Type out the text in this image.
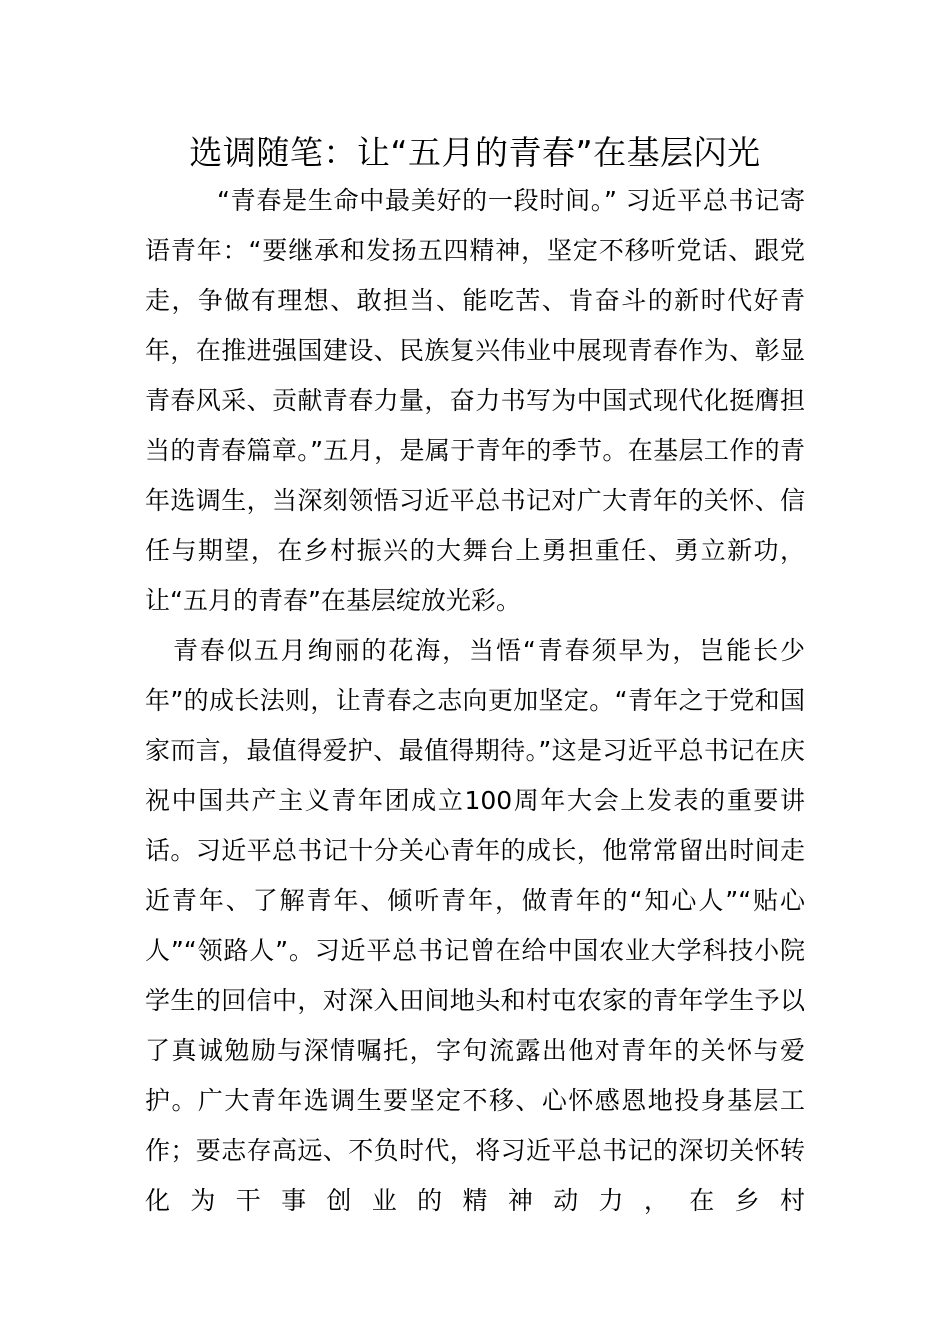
选调随笔：让“五月的青春”在基层闪光

“青春是生命中最美好的一段时间。” 习近平总书记寄语青年：“要继承和发扬五四精神，坚定不移听党话、跟党走，争做有理想、敢担当、能吃苦、肯奋斗的新时代好青年，在推进强国建设、民族复兴伟业中展现青春作为、彰显青春风采、贡献青春力量，奋力书写为中国式现代化挺膺担当的青春篇章。”五月，是属于青年的季节。在基层工作的青年选调生，当深刻领悟习近平总书记对广大青年的关怀、信任与期望，在乡村振兴的大舞台上勇担重任、勇立新功，让“五月的青春”在基层绽放光彩。

青春似五月绚丽的花海，当悟“青春须早为，岂能长少年”的成长法则，让青春之志向更加坚定。“青年之于党和国家而言，最值得爱护、最值得期待。”这是习近平总书记在庆祝中国共产主义青年团成立100周年大会上发表的重要讲话。习近平总书记十分关心青年的成长，他常常留出时间走近青年、了解青年、倾听青年，做青年的“知心人”“贴心人”“领路人”。习近平总书记曾在给中国农业大学科技小院学生的回信中，对深入田间地头和村屯农家的青年学生予以了真诚勉励与深情嘱托，字句流露出他对青年的关怀与爱护。广大青年选调生要坚定不移、心怀感恩地投身基层工作；要志存高远、不负时代，将习近平总书记的深切关怀转化为干事创业的精神动力，在乡村
